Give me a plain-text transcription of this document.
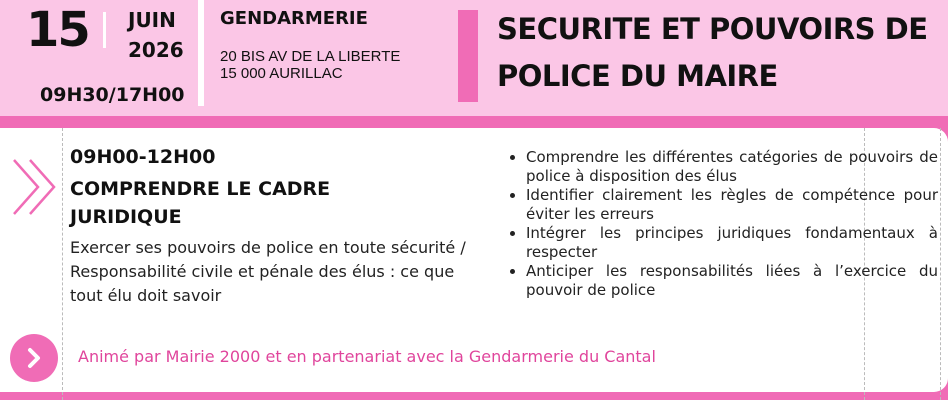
15 JUIN
2026
09H30/17H00
GENDARMERIE
20 BIS AV DE LA LIBERTE
15 000 AURILLAC
SECURITE ET POUVOIRS DE POLICE DU MAIRE
09H00-12H00
COMPRENDRE LE CADRE JURIDIQUE
Exercer ses pouvoirs de police en toute sécurité / Responsabilité civile et pénale des élus : ce que tout élu doit savoir
• Comprendre les différentes catégories de pouvoirs de police à disposition des élus
• Identifier clairement les règles de compétence pour éviter les erreurs
• Intégrer les principes juridiques fondamentaux à respecter
• Anticiper les responsabilités liées à l’exercice du pouvoir de police
Animé par Mairie 2000 et en partenariat avec la Gendarmerie du Cantal
